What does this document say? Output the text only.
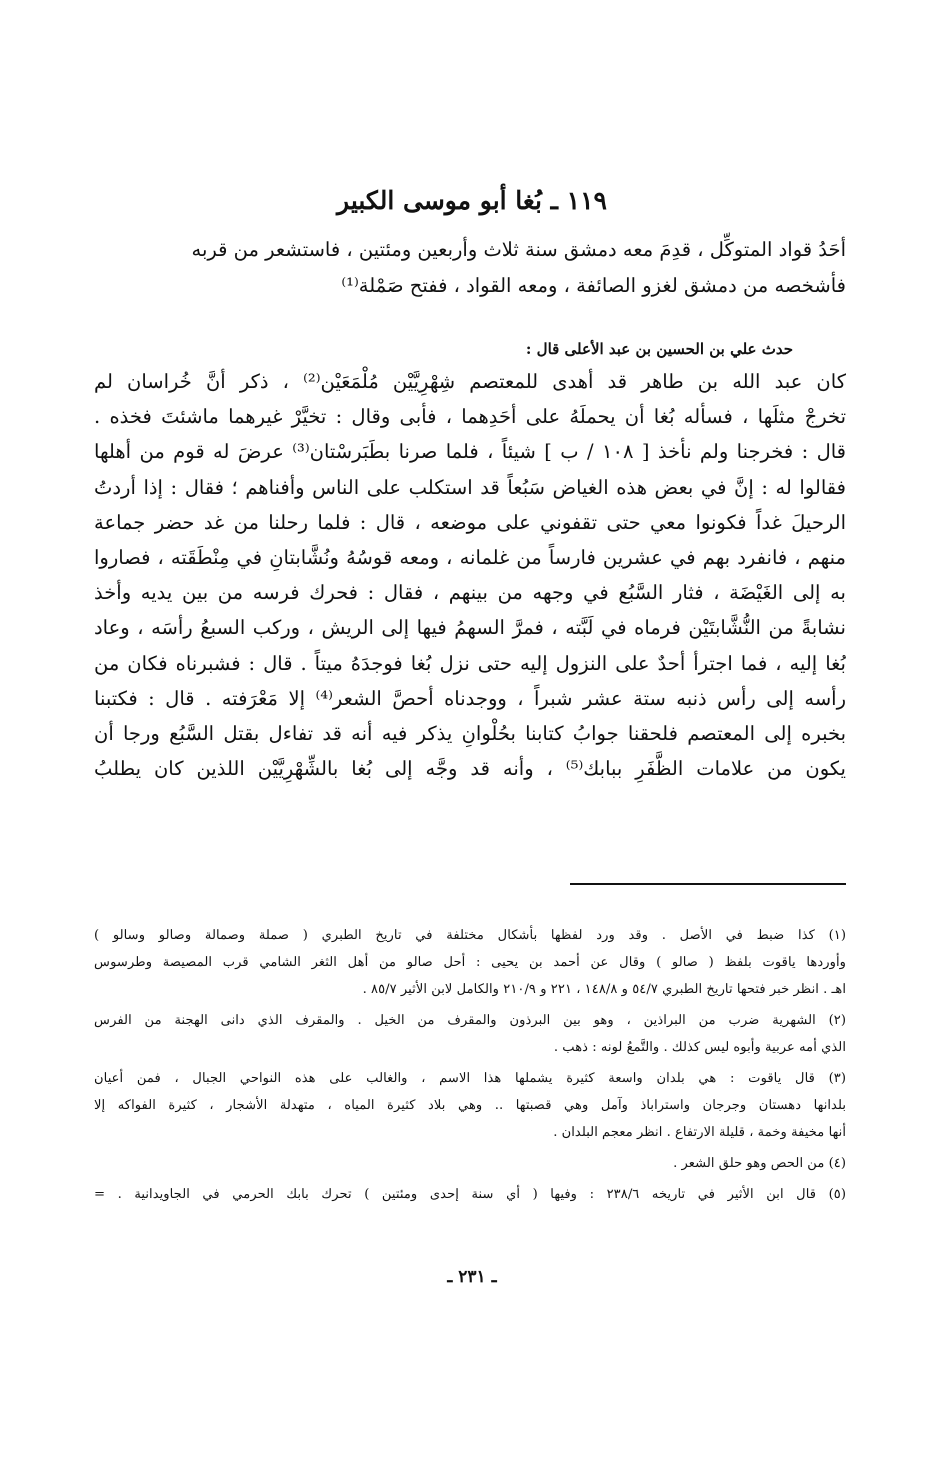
١١٩ ـ بُغا أبو موسى الكبير

أحَدُ قواد المتوكِّل ، قدِمَ معه دمشق سنة ثلاث وأربعين ومئتين ، فاستشعر من قربه
فأشخصه من دمشق لغزو الصائفة ، ومعه القواد ، ففتح صَمْلة⁽¹⁾

حدث علي بن الحسين بن عبد الأعلى قال :

كان عبد الله بن طاهر قد أهدى للمعتصم شِهْرِيَّيْن مُلْمَعَيْن⁽²⁾ ، ذكر أنَّ خُراسان لم
تخرجْ مثلَها ، فسأله بُغا أن يحملَهُ على أحَدِهما ، فأبى وقال : تخيَّرْ غيرهما ماشئتَ فخذه .
قال : فخرجنا ولم نأخذ [ ١٠٨ / ب ] شيئاً ، فلما صرنا بطَبَرسْتان⁽³⁾ عرضَ له قوم من أهلها
فقالوا له : إنَّ في بعض هذه الغياض سَبُعاً قد استكلب على الناس وأفناهم ؛ فقال : إذا أردتُ
الرحيلَ غداً فكونوا معي حتى تقفوني على موضعه ، قال : فلما رحلنا من غد حضر جماعة
منهم ، فانفرد بهم في عشرين فارساً من غلمانه ، ومعه قوسُهُ ونُشَّابتانِ في مِنْطَقَته ، فصاروا
به إلى الغَيْضَة ، فثار السَّبُع في وجهه من بينهم ، فقال : فحرك فرسه من بين يديه وأخذ
نشابةً من النُّشَّابتَيْن فرماه في لَبَّته ، فمرَّ السهمُ فيها إلى الريش ، وركب السبعُ رأسَه ، وعاد
بُغا إليه ، فما اجترأ أحدٌ على النزول إليه حتى نزل بُغا فوجدَهُ ميتاً . قال : فشبرناه فكان من
رأسه إلى رأس ذنبه ستة عشر شبراً ، ووجدناه أحصَّ الشعر⁽⁴⁾ إلا مَعْرَفته . قال : فكتبنا
بخبره إلى المعتصم فلحقنا جوابُ كتابنا بحُلْوانِ يذكر فيه أنه قد تفاءل بقتل السَّبُع ورجا أن
يكون من علامات الظَّفَرِ ببابك⁽⁵⁾ ، وأنه قد وجَّه إلى بُغا بالشِّهْرِيَّيْن اللذين كان يطلبُ
(١) كذا ضبط في الأصل . وقد ورد لفظها بأشكال مختلفة في تاريخ الطبري ( صملة وصمالة وصالو وسالو )
وأوردها ياقوت بلفظ ( صالو ) وقال عن أحمد بن يحيى : أحل صالو من أهل الثغر الشامي قرب المصيصة وطرسوس
اهـ . انظر خبر فتحها تاريخ الطبري ٥٤/٧ و ١٤٨/٨ ، ٢٢١ و ٢١٠/٩ والكامل لابن الأثير ٨٥/٧ .
(٢) الشهرية ضرب من البراذين ، وهو بين البرذون والمقرف من الخيل . والمقرف الذي دانى الهجنة من الفرس
الذي أمه عربية وأبوه ليس كذلك . والتَّمعُ لونه : ذهب .
(٣) قال ياقوت : هي بلدان واسعة كثيرة يشملها هذا الاسم ، والغالب على هذه النواحي الجبال ، فمن أعيان
بلدانها دهستان وجرجان واستراباذ وآمل وهي قصبتها .. وهي بلاد كثيرة المياه ، متهدلة الأشجار ، كثيرة الفواكه إلا
أنها مخيفة وخمة ، قليلة الارتفاع . انظر معجم البلدان .
(٤) من الحص وهو حلق الشعر .
(٥) قال ابن الأثير في تاريخه ٢٣٨/٦ : وفيها ( أي سنة إحدى ومئتين ) تحرك بابك الحرمي في الجاويدانية . =
ـ ٢٣١ ـ
